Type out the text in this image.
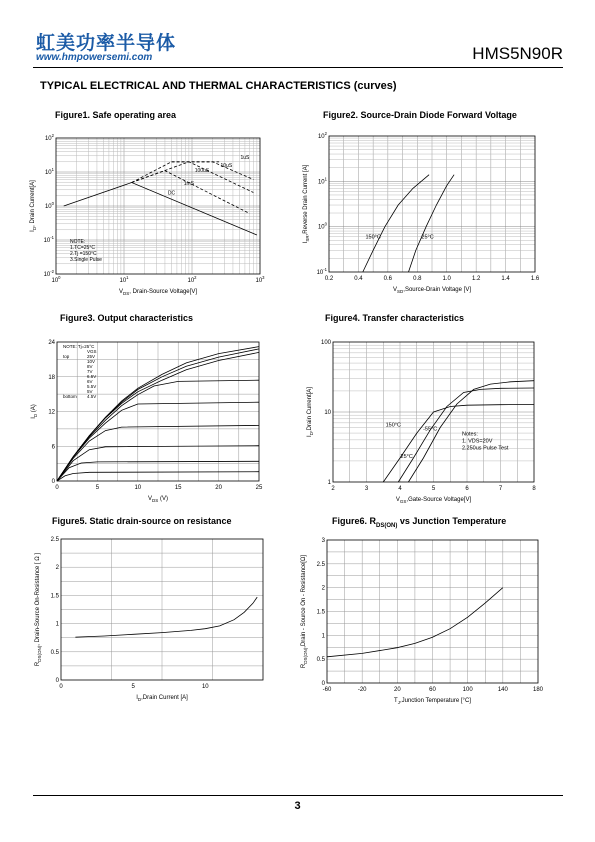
虹美功率半导体
www.hmpowersemi.com	HMS5N90R
TYPICAL ELECTRICAL AND THERMAL CHARACTERISTICS (curves)
Figure1. Safe operating area	Figure2. Source-Drain Diode Forward Voltage
Figure3. Output characteristics	Figure4. Transfer characteristics
Figure5. Static drain-source on resistance	Figure6. $R_{DS(ON)}$ vs Junction Temperature
$10^0$
$10^1$
$10^2$
$10^3$
$10^{-2}$
$10^{-1}$
$10^0$
$10^1$
$10^2$
$V_{DS}$, Drain-Source Voltage[V]
$I_D$, Drain Current[A]
0.2	0.4	0.6	0.8	1.0	1.2	1.4	1.6
$10^{-1}$
$10^0$
$10^1$
$10^2$
$V_{SD},Source$-Drain Voltage [V]
$I_{SR},Reverse$ Drain Current [A]
0	5	10	15	20	25
0
6
12
18
24
$V_{DS}$ (V)
$I_D$ (A)
2	3	4	5	6	7	8
1
10
100
$V_{GS},Gate$-Source Voltage[V]
$I_D,Drain$ Current[A]
0	5	10
0
0.5
1
1.5
2
2.5
$I_D,Drain$ Current [A]
$R_{DS(ON)}$, Drain-Source On-Resistance [ Ω ]
-60	-20	20	60	100	140	180
0
0.5
1
1.5
2
2.5
3
$T_J,Junction$ Temperature [°C]
$R_{DS(ON)},Drain$ - Source On - Resistance[Ω]
DC
1mS
100uS
10uS
1uS
NOTE:
1.TC=25°C
2.Tj =150°C
3.Single Pulse
150°C	25°C
NOTE: Tj=25°C
VGS
top	25V
10V
8V
7V
6.5V
6V
5.5V
5V
bottom 4.5V
150°C
-55°C
25°C
Notes:
1. VDS=20V
2.250us Pulse Test
3
